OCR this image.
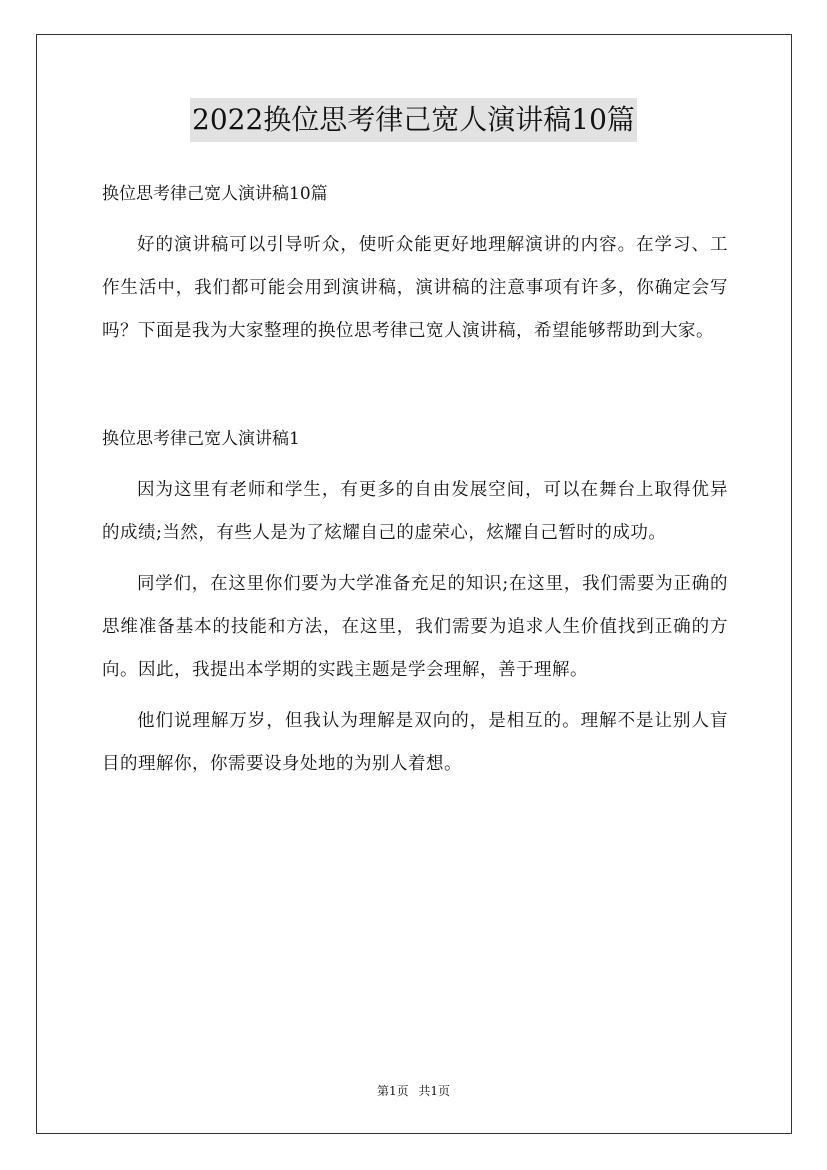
2022换位思考律己宽人演讲稿10篇

换位思考律己宽人演讲稿10篇

好的演讲稿可以引导听众，使听众能更好地理解演讲的内容。在学习、工作生活中，我们都可能会用到演讲稿，演讲稿的注意事项有许多，你确定会写吗？下面是我为大家整理的换位思考律己宽人演讲稿，希望能够帮助到大家。

换位思考律己宽人演讲稿1

因为这里有老师和学生，有更多的自由发展空间，可以在舞台上取得优异的成绩;当然，有些人是为了炫耀自己的虚荣心，炫耀自己暂时的成功。

同学们，在这里你们要为大学准备充足的知识;在这里，我们需要为正确的思维准备基本的技能和方法，在这里，我们需要为追求人生价值找到正确的方向。因此，我提出本学期的实践主题是学会理解，善于理解。

他们说理解万岁，但我认为理解是双向的，是相互的。理解不是让别人盲目的理解你，你需要设身处地的为别人着想。

第1页 共1页
